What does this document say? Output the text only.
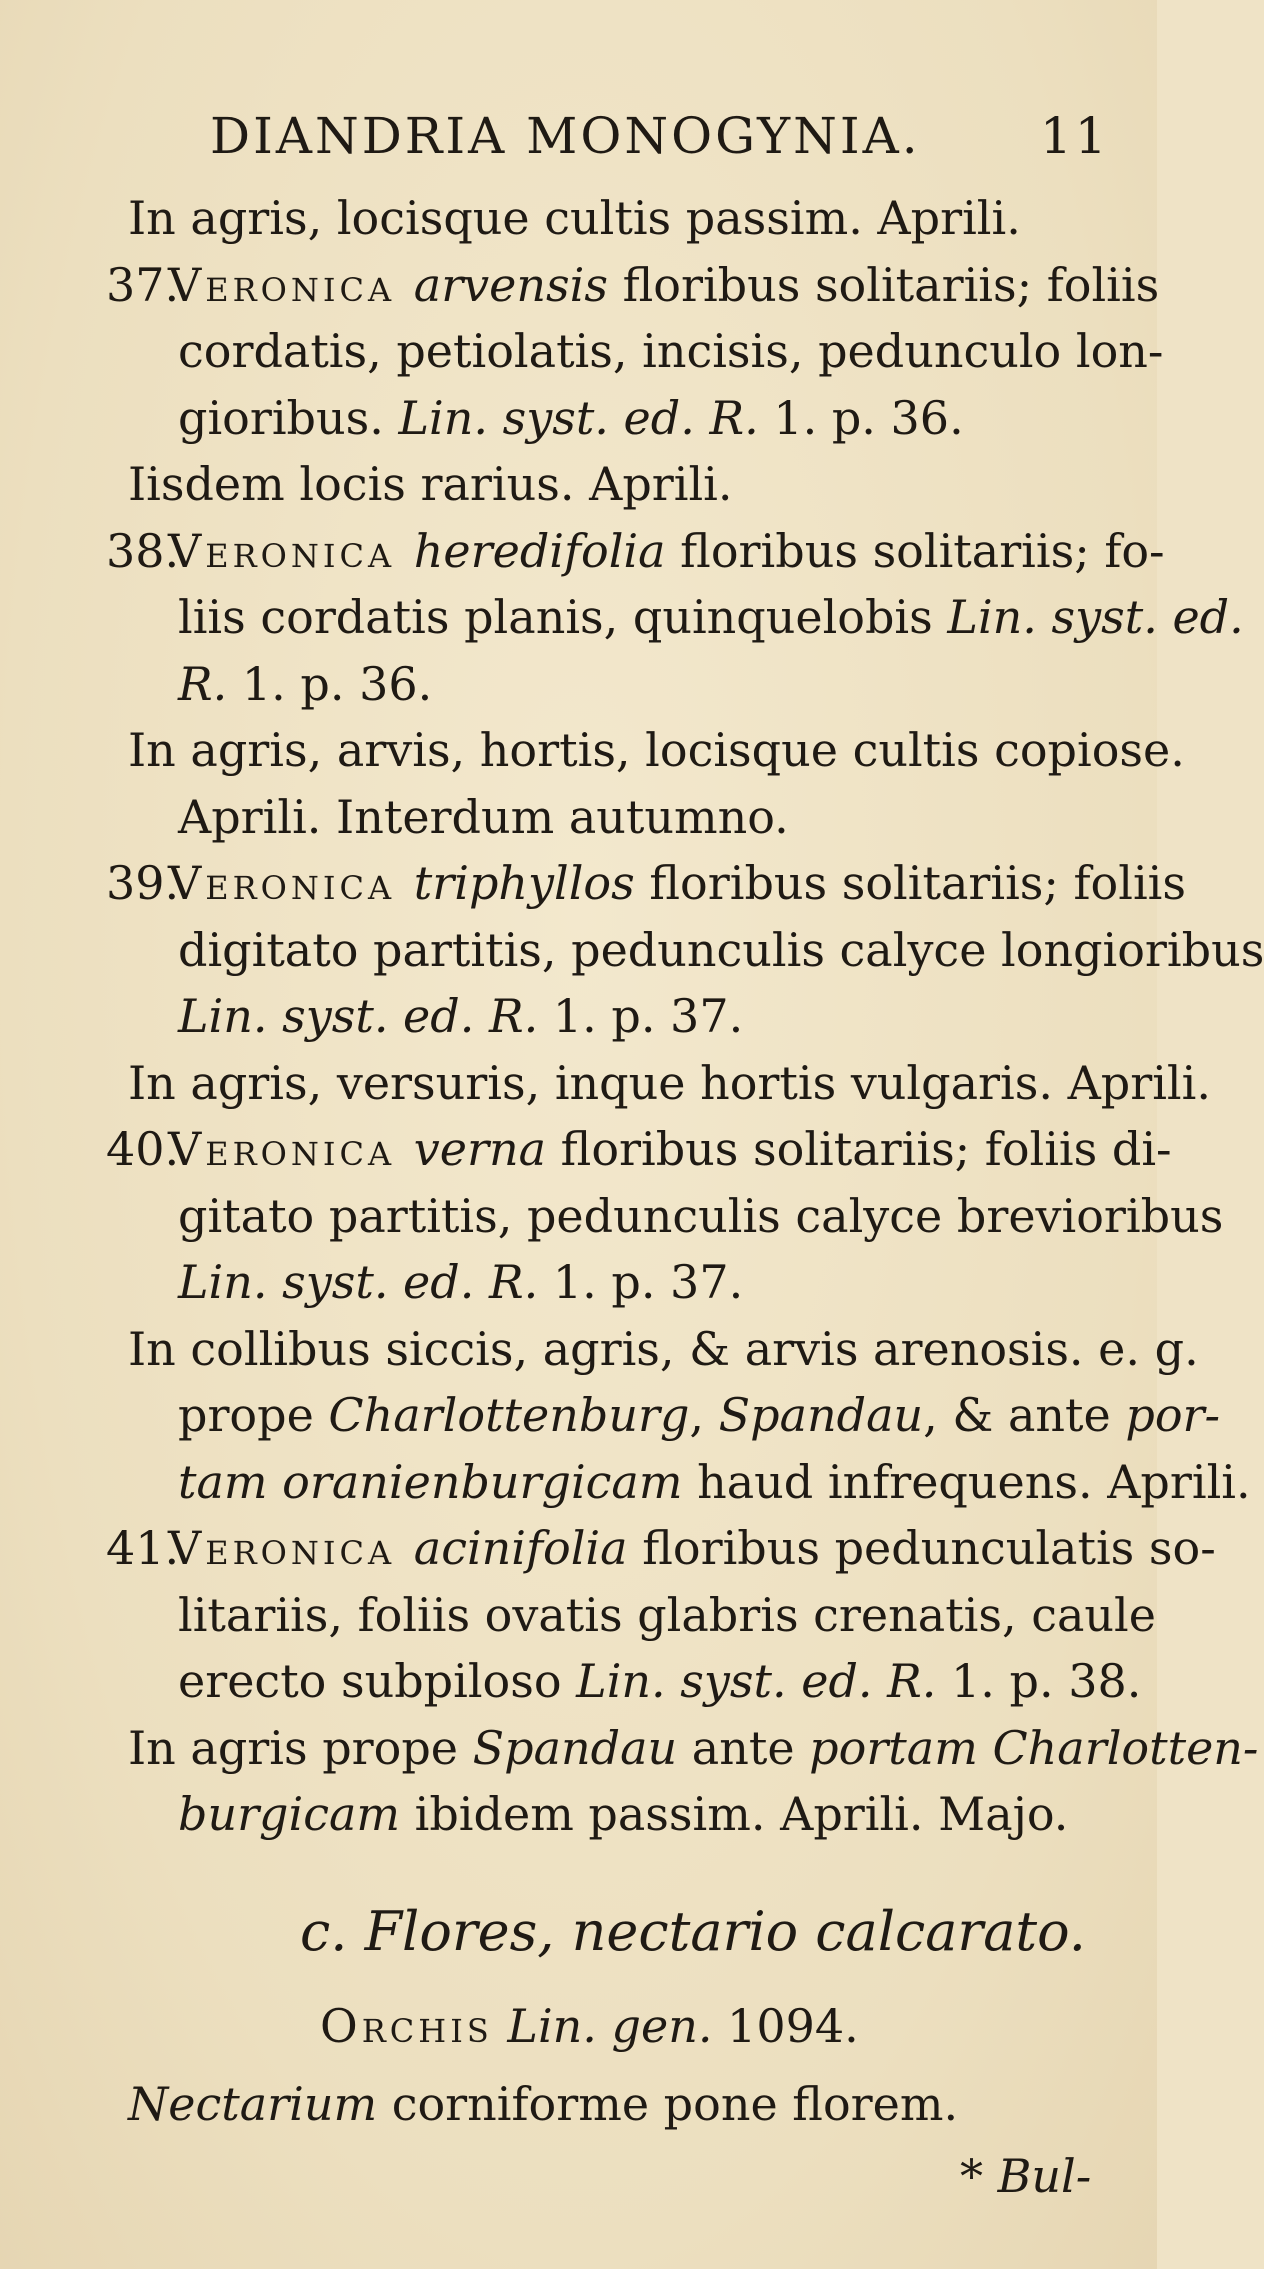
DIANDRIA MONOGYNIA. 11
In agris, locisque cultis passim. Aprili.
37.
Veronica arvensis floribus solitariis; foliis
cordatis, petiolatis, incisis, pedunculo lon-
gioribus. Lin. syst. ed. R. 1. p. 36.
Iisdem locis rarius. Aprili.
38.
Veronica heredifolia floribus solitariis; fo-
liis cordatis planis, quinquelobis Lin. syst. ed.
R. 1. p. 36.
In agris, arvis, hortis, locisque cultis copiose.
Aprili. Interdum autumno.
39.
Veronica triphyllos floribus solitariis; foliis
digitato partitis, pedunculis calyce longioribus
Lin. syst. ed. R. 1. p. 37.
In agris, versuris, inque hortis vulgaris. Aprili.
40.
Veronica verna floribus solitariis; foliis di-
gitato partitis, pedunculis calyce brevioribus
Lin. syst. ed. R. 1. p. 37.
In collibus siccis, agris, & arvis arenosis. e. g.
prope Charlottenburg, Spandau, & ante por-
tam oranienburgicam haud infrequens. Aprili.
41.
Veronica acinifolia floribus pedunculatis so-
litariis, foliis ovatis glabris crenatis, caule
erecto subpiloso Lin. syst. ed. R. 1. p. 38.
In agris prope Spandau ante portam Charlotten-
burgicam ibidem passim. Aprili. Majo.
c. Flores, nectario calcarato.
Orchis Lin. gen. 1094.
Nectarium corniforme pone florem.
* Bul-
